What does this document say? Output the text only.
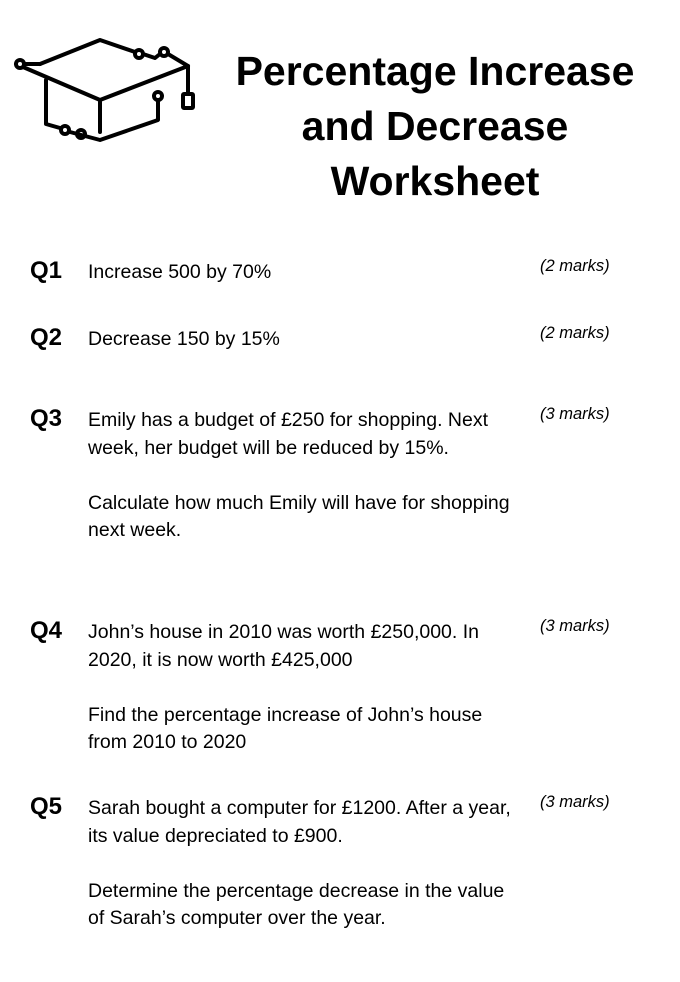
Percentage Increase and Decrease Worksheet
Q1 Increase 500 by 70%	(2 marks)
Q2 Decrease 150 by 15%	(2 marks)
Q3 Emily has a budget of £250 for shopping. Next week, her budget will be reduced by 15%.

Calculate how much Emily will have for shopping next week.

(3 marks)
Q4 John’s house in 2010 was worth £250,000. In 2020, it is now worth £425,000

Find the percentage increase of John’s house from 2010 to 2020

(3 marks)
Q5 Sarah bought a computer for £1200. After a year, its value depreciated to £900.

Determine the percentage decrease in the value of Sarah’s computer over the year.

(3 marks)
